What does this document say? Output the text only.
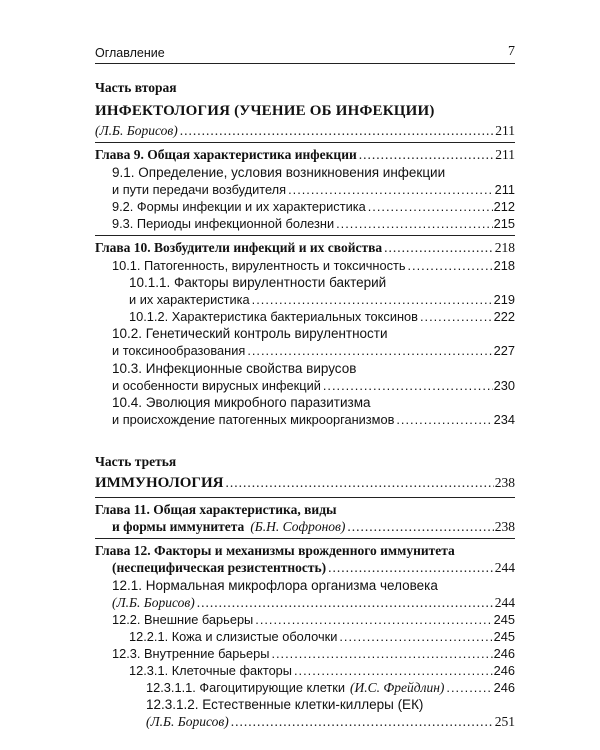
Оглавление	7
Часть вторая
ИНФЕКТОЛОГИЯ (УЧЕНИЕ ОБ ИНФЕКЦИИ)
(Л.Б. Борисов) .....	211
Глава 9. Общая характеристика инфекции .....	211
9.1. Определение, условия возникновения инфекции
и пути передачи возбудителя .....	211
9.2. Формы инфекции и их характеристика .....	212
9.3. Периоды инфекционной болезни .....	215
Глава 10. Возбудители инфекций и их свойства .....	218
10.1. Патогенность, вирулентность и токсичность .....	218
10.1.1. Факторы вирулентности бактерий
и их характеристика .....	219
10.1.2. Характеристика бактериальных токсинов .....	222
10.2. Генетический контроль вирулентности
и токсинообразования .....	227
10.3. Инфекционные свойства вирусов
и особенности вирусных инфекций .....	230
10.4. Эволюция микробного паразитизма
и происхождение патогенных микроорганизмов .....	234
Часть третья
ИММУНОЛОГИЯ .....	238
Глава 11. Общая характеристика, виды
и формы иммунитета (Б.Н. Софронов) .....	238
Глава 12. Факторы и механизмы врожденного иммунитета
(неспецифическая резистентность) .....	244
12.1. Нормальная микрофлора организма человека
(Л.Б. Борисов) .....	244
12.2. Внешние барьеры .....	245
12.2.1. Кожа и слизистые оболочки .....	245
12.3. Внутренние барьеры .....	246
12.3.1. Клеточные факторы .....	246
12.3.1.1. Фагоцитирующие клетки (И.С. Фрейдлин) .....	246
12.3.1.2. Естественные клетки-киллеры (ЕК)
(Л.Б. Борисов) .....	251
